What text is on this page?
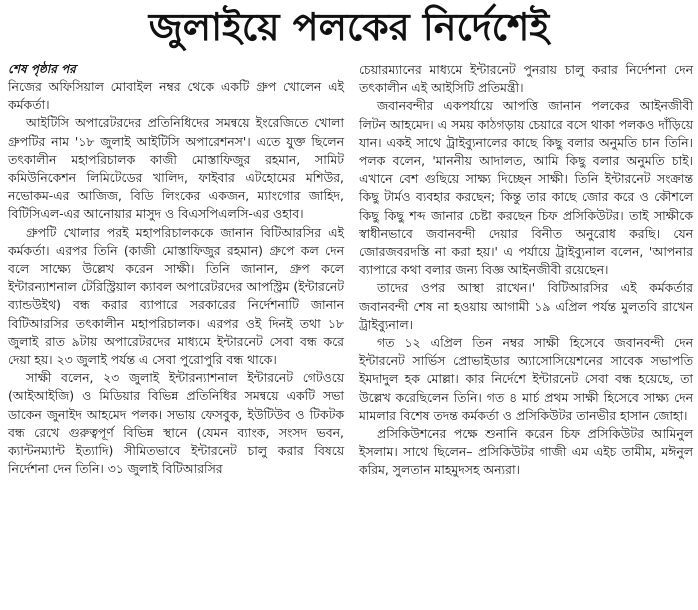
জুলাইয়ে পলকের নির্দেশেই
শেষ পৃষ্ঠার পর

নিজের অফিসিয়াল মোবাইল নম্বর থেকে একটি গ্রুপ খোলেন এই কর্মকর্তা।

আইটিসি অপারেটরদের প্রতিনিধিদের সমন্বয়ে ইংরেজিতে খোলা গ্রুপটির নাম '১৮ জুলাই আইটিসি অপারেশনস'। এতে যুক্ত ছিলেন তৎকালীন মহাপরিচালক কাজী মোস্তাফিজুর রহমান, সামিট কমিউনিকেশন লিমিটেডের খালিদ, ফাইবার এটহোমের মশিউর, নভোকম-এর আজিজ, বিডি লিংকের একজন, ম্যাংগোর জাহিদ, বিটিসিএল-এর আনোয়ার মাসুদ ও বিএসপিএলসি-এর ওহাব।

গ্রুপটি খোলার পরই মহাপরিচালককে জানান বিটিআরসির এই কর্মকর্তা। এরপর তিনি (কাজী মোস্তাফিজুর রহমান) গ্রুপে কল দেন বলে সাক্ষ্যে উল্লেখ করেন সাক্ষী। তিনি জানান, গ্রুপ কলে ইন্টারন্যাশনাল টেরিস্ট্রিয়াল ক্যাবল অপারেটরদের আপস্ট্রিম (ইন্টারনেট ব্যান্ডউইথ) বন্ধ করার ব্যাপারে সরকারের নির্দেশনাটি জানান বিটিআরসির তৎকালীন মহাপরিচালক। এরপর ওই দিনই তথা ১৮ জুলাই রাত ৯টায় অপারেটরদের মাধ্যমে ইন্টারনেট সেবা বন্ধ করে দেয়া হয়। ২৩ জুলাই পর্যন্ত এ সেবা পুরোপুরি বন্ধ থাকে।

সাক্ষী বলেন, ২৩ জুলাই ইন্টারন্যাশনাল ইন্টারনেট গেটওয়ে (আইআইজি) ও মিডিয়ার বিভিন্ন প্রতিনিধির সমন্বয়ে একটি সভা ডাকেন জুনাইদ আহমেদ পলক। সভায় ফেসবুক, ইউটিউব ও টিকটক বন্ধ রেখে গুরুত্বপূর্ণ বিভিন্ন স্থানে (যেমন ব্যাংক, সংসদ ভবন, ক্যান্টনম্যান্ট ইত্যাদি) সীমিতভাবে ইন্টারনেট চালু করার বিষয়ে নির্দেশনা দেন তিনি। ৩১ জুলাই বিটিআরসির

চেয়ারম্যানের মাধ্যমে ইন্টারনেট পুনরায় চালু করার নির্দেশনা দেন তৎকালীন এই আইসিটি প্রতিমন্ত্রী।

জবানবন্দীর একপর্যায়ে আপত্তি জানান পলকের আইনজীবী লিটন আহমেদ। এ সময় কাঠগড়ায় চেয়ারে বসে থাকা পলকও দাঁড়িয়ে যান। একই সাথে ট্রাইব্যুনালের কাছে কিছু বলার অনুমতি চান তিনি। পলক বলেন, 'মাননীয় আদালত, আমি কিছু বলার অনুমতি চাই। এখানে বেশ গুছিয়ে সাক্ষ্য দিচ্ছেন সাক্ষী। তিনি ইন্টারনেট সংক্রান্ত কিছু টার্মও ব্যবহার করছেন; কিন্তু তার কাছে জোর করে ও কৌশলে কিছু কিছু শব্দ জানার চেষ্টা করছেন চিফ প্রসিকিউটর। তাই সাক্ষীকে স্বাধীনভাবে জবানবন্দী দেয়ার বিনীত অনুরোধ করছি। যেন জোরজবরদস্তি না করা হয়।' এ পর্যায়ে ট্রাইব্যুনাল বলেন, 'আপনার ব্যাপারে কথা বলার জন্য বিজ্ঞ আইনজীবী রয়েছেন।

তাদের ওপর আস্থা রাখেন।' বিটিআরসির এই কর্মকর্তার জবানবন্দী শেষ না হওয়ায় আগামী ১৯ এপ্রিল পর্যন্ত মুলতবি রাখেন ট্রাইব্যুনাল।

গত ১২ এপ্রিল তিন নম্বর সাক্ষী হিসেবে জবানবন্দী দেন ইন্টারনেট সার্ভিস প্রোভাইডার অ্যাসোসিয়েশনের সাবেক সভাপতি ইমদাদুল হক মোল্লা। কার নির্দেশে ইন্টারনেট সেবা বন্ধ হয়েছে, তা উল্লেখ করেছিলেন তিনি। গত ৪ মার্চ প্রথম সাক্ষী হিসেবে সাক্ষ্য দেন মামলার বিশেষ তদন্ত কর্মকর্তা ও প্রসিকিউটর তানভীর হাসান জোহা।

প্রসিকিউশনের পক্ষে শুনানি করেন চিফ প্রসিকিউটর আমিনুল ইসলাম। সাথে ছিলেন– প্রসিকিউটর গাজী এম এইচ তামীম, মঈনুল করিম, সুলতান মাহমুদসহ অন্যরা।
